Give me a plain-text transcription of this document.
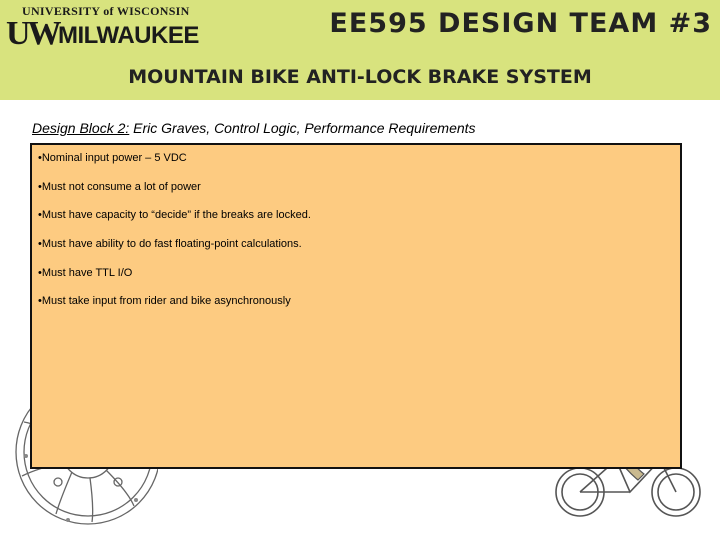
UNIVERSITY of WISCONSIN
UW MILWAUKEE	EE595 DESIGN TEAM #3
MOUNTAIN BIKE ANTI-LOCK BRAKE SYSTEM
Design Block 2: Eric Graves, Control Logic, Performance Requirements
•Nominal input power – 5 VDC
•Must not consume a lot of power
•Must have capacity to “decide” if the breaks are locked.
•Must have ability to do fast floating-point calculations.
•Must have TTL I/O
•Must take input from rider and bike asynchronously
